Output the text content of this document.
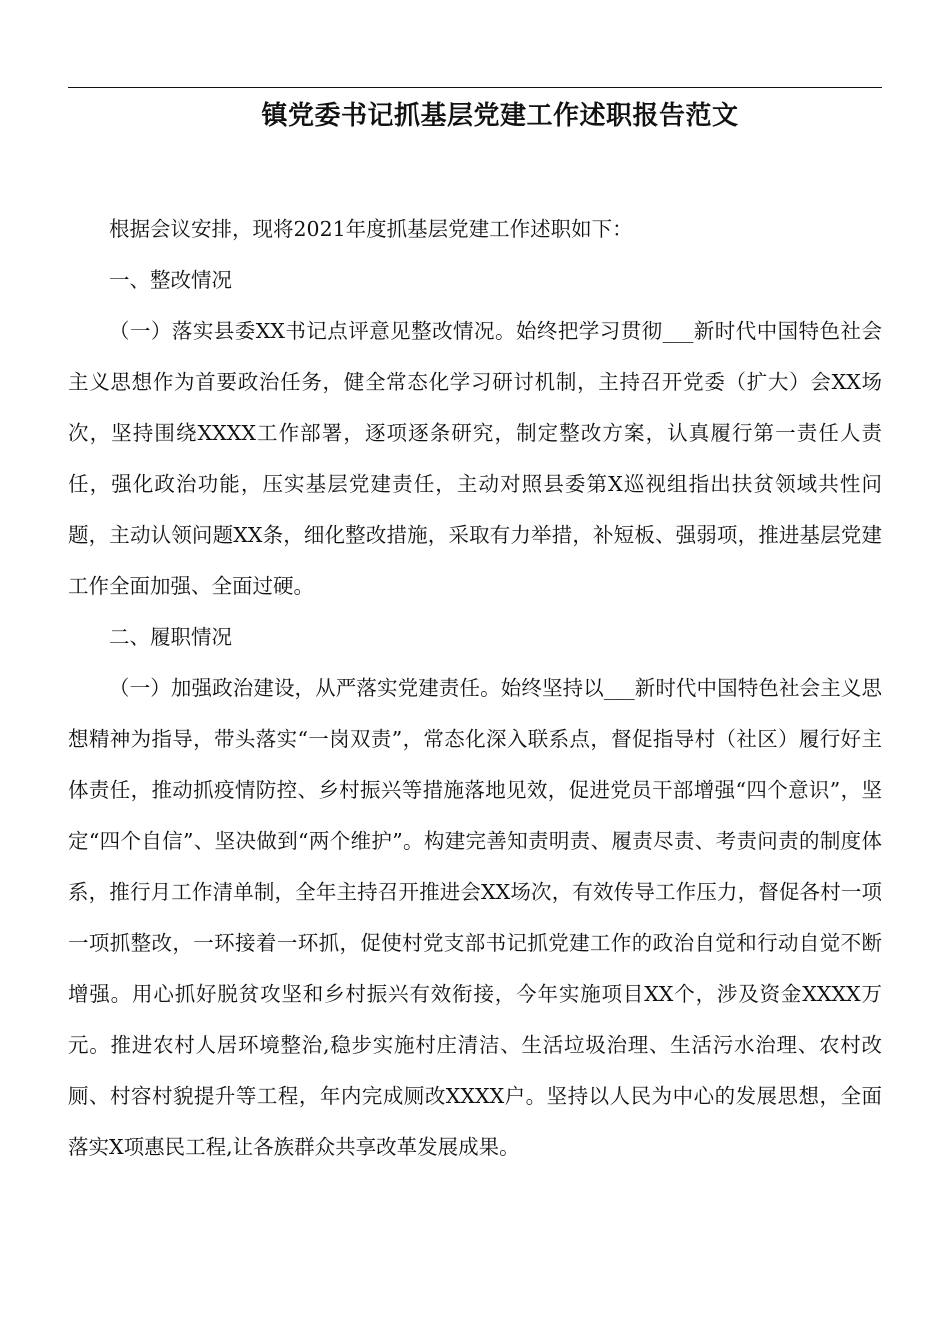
镇党委书记抓基层党建工作述职报告范文

根据会议安排，现将2021年度抓基层党建工作述职如下：

一、整改情况

（一）落实县委XX书记点评意见整改情况。始终把学习贯彻___新时代中国特色社会主义思想作为首要政治任务，健全常态化学习研讨机制，主持召开党委（扩大）会XX场次，坚持围绕XXXX工作部署，逐项逐条研究，制定整改方案，认真履行第一责任人责任，强化政治功能，压实基层党建责任，主动对照县委第X巡视组指出扶贫领域共性问题，主动认领问题XX条，细化整改措施，采取有力举措，补短板、强弱项，推进基层党建工作全面加强、全面过硬。

二、履职情况

（一）加强政治建设，从严落实党建责任。始终坚持以___新时代中国特色社会主义思想精神为指导，带头落实“一岗双责”，常态化深入联系点，督促指导村（社区）履行好主体责任，推动抓疫情防控、乡村振兴等措施落地见效，促进党员干部增强“四个意识”，坚定“四个自信”、坚决做到“两个维护”。构建完善知责明责、履责尽责、考责问责的制度体系，推行月工作清单制，全年主持召开推进会XX场次，有效传导工作压力，督促各村一项一项抓整改，一环接着一环抓，促使村党支部书记抓党建工作的政治自觉和行动自觉不断增强。用心抓好脱贫攻坚和乡村振兴有效衔接，今年实施项目XX个，涉及资金XXXX万元。推进农村人居环境整治,稳步实施村庄清洁、生活垃圾治理、生活污水治理、农村改厕、村容村貌提升等工程，年内完成厕改XXXX户。坚持以人民为中心的发展思想，全面落实X项惠民工程,让各族群众共享改革发展成果。
